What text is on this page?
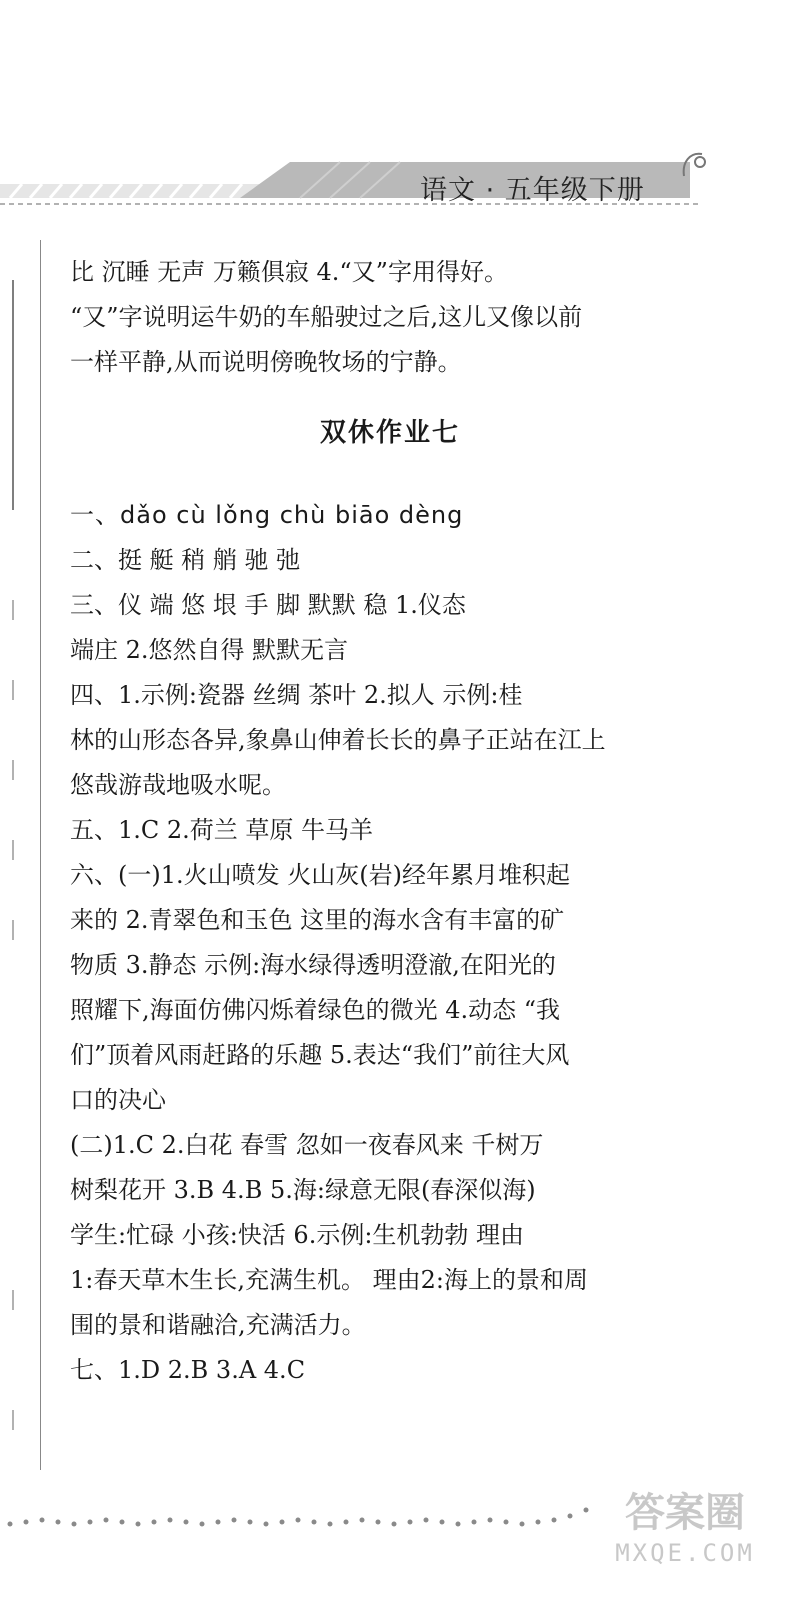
语文 · 五年级下册
比 沉睡 无声 万籁俱寂 4.“又”字用得好。
“又”字说明运牛奶的车船驶过之后,这儿又像以前
一样平静,从而说明傍晚牧场的宁静。
双休作业七
一、dǎo cù lǒng chù biāo dèng
二、挺 艇 稍 艄 驰 弛
三、仪 端 悠 垠 手 脚 默默 稳 1.仪态
端庄 2.悠然自得 默默无言
四、1.示例:瓷器 丝绸 茶叶 2.拟人 示例:桂
林的山形态各异,象鼻山伸着长长的鼻子正站在江上
悠哉游哉地吸水呢。
五、1.C 2.荷兰 草原 牛马羊
六、(一)1.火山喷发 火山灰(岩)经年累月堆积起
来的 2.青翠色和玉色 这里的海水含有丰富的矿
物质 3.静态 示例:海水绿得透明澄澈,在阳光的
照耀下,海面仿佛闪烁着绿色的微光 4.动态 “我
们”顶着风雨赶路的乐趣 5.表达“我们”前往大风
口的决心
(二)1.C 2.白花 春雪 忽如一夜春风来 千树万
树梨花开 3.B 4.B 5.海:绿意无限(春深似海)
学生:忙碌 小孩:快活 6.示例:生机勃勃 理由
1:春天草木生长,充满生机。 理由2:海上的景和周
围的景和谐融洽,充满活力。
七、1.D 2.B 3.A 4.C
答案圈
MXQE.COM
